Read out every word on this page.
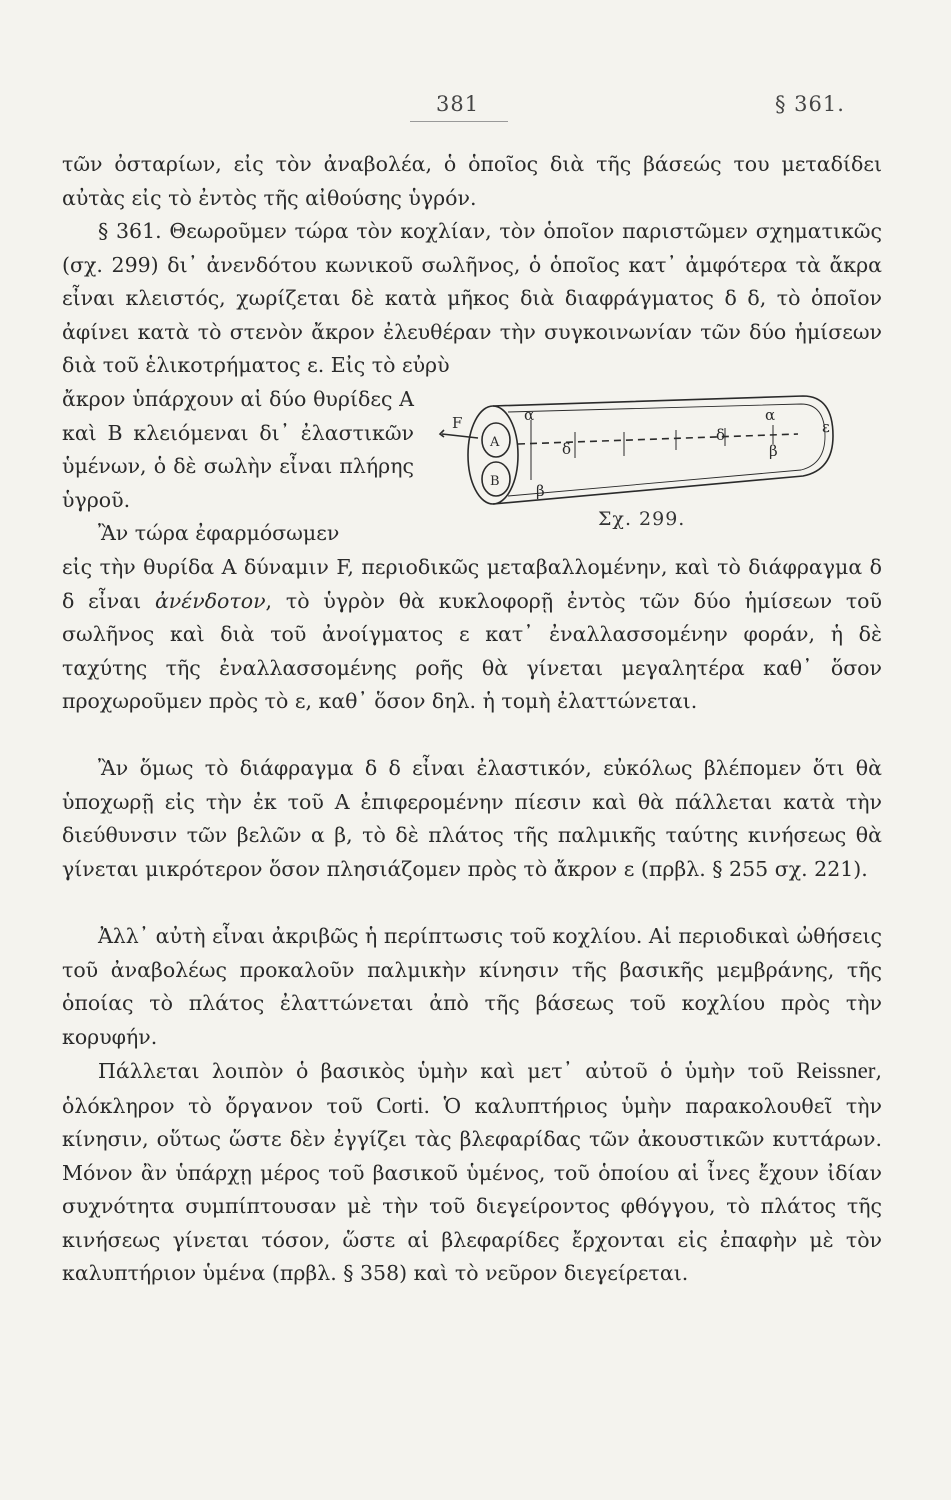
381	§ 361.

τῶν ὀσταρίων, εἰς τὸν ἀναβολέα, ὁ ὁποῖος διὰ τῆς βάσεώς του μεταδίδει αὐτὰς εἰς τὸ ἐντὸς τῆς αἰθούσης ὑγρόν.

§ 361. Θεωροῦμεν τώρα τὸν κοχλίαν, τὸν ὁποῖον παριστῶμεν σχηματικῶς (σχ. 299) δι᾽ ἀνενδότου κωνικοῦ σωλῆνος, ὁ ὁποῖος κατ᾽ ἀμφότερα τὰ ἄκρα εἶναι κλειστός, χωρίζεται δὲ κατὰ μῆκος διὰ διαφράγματος δ δ, τὸ ὁποῖον ἀφίνει κατὰ τὸ στενὸν ἄκρον ἐλευθέραν τὴν συγκοινωνίαν τῶν δύο ἡμίσεων διὰ τοῦ ἑλικοτρήματος ε. Εἰς τὸ εὐρὺ

ἄκρον ὑπάρχουν αἱ δύο θυρίδες Α καὶ Β κλειόμεναι δι᾽ ἐλαστικῶν ὑμένων, ὁ δὲ σωλὴν εἶναι πλήρης ὑγροῦ.

Ἂν τώρα ἐφαρμόσωμεν

εἰς τὴν θυρίδα Α δύναμιν F, περιοδικῶς μεταβαλλομένην, καὶ τὸ διάφραγμα δ δ εἶναι ἀνένδοτον, τὸ ὑγρὸν θὰ κυκλοφορῇ ἐντὸς τῶν δύο ἡμίσεων τοῦ σωλῆνος καὶ διὰ τοῦ ἀνοίγματος ε κατ᾽ ἐναλλασσομένην φοράν, ἡ δὲ ταχύτης τῆς ἐναλλασσομένης ροῆς θὰ γίνεται μεγαλητέρα καθ᾽ ὅσον προχωροῦμεν πρὸς τὸ ε, καθ᾽ ὅσον δηλ. ἡ τομὴ ἐλαττώνεται.

Ἂν ὅμως τὸ διάφραγμα δ δ εἶναι ἐλαστικόν, εὐκόλως βλέπομεν ὅτι θὰ ὑποχωρῇ εἰς τὴν ἐκ τοῦ Α ἐπιφερομένην πίεσιν καὶ θὰ πάλλεται κατὰ τὴν διεύθυνσιν τῶν βελῶν α β, τὸ δὲ πλάτος τῆς παλμικῆς ταύτης κινήσεως θὰ γίνεται μικρότερον ὅσον πλησιάζομεν πρὸς τὸ ἄκρον ε (πρβλ. § 255 σχ. 221).

Ἀλλ᾽ αὐτὴ εἶναι ἀκριβῶς ἡ περίπτωσις τοῦ κοχλίου. Αἱ περιοδικαὶ ὠθήσεις τοῦ ἀναβολέως προκαλοῦν παλμικὴν κίνησιν τῆς βασικῆς μεμβράνης, τῆς ὁποίας τὸ πλάτος ἐλαττώνεται ἀπὸ τῆς βάσεως τοῦ κοχλίου πρὸς τὴν κορυφήν.

Πάλλεται λοιπὸν ὁ βασικὸς ὑμὴν καὶ μετ᾽ αὐτοῦ ὁ ὑμὴν τοῦ Reissner, ὁλόκληρον τὸ ὄργανον τοῦ Corti. Ὁ καλυπτήριος ὑμὴν παρακολουθεῖ τὴν κίνησιν, οὕτως ὥστε δὲν ἐγγίζει τὰς βλεφαρίδας τῶν ἀκουστικῶν κυττάρων. Μόνον ἂν ὑπάρχῃ μέρος τοῦ βασικοῦ ὑμένος, τοῦ ὁποίου αἱ ἶνες ἔχουν ἰδίαν συχνότητα συμπίπτουσαν μὲ τὴν τοῦ διεγείροντος φθόγγου, τὸ πλάτος τῆς κινήσεως γίνεται τόσον, ὥστε αἱ βλεφαρίδες ἔρχονται εἰς ἐπαφὴν μὲ τὸν καλυπτήριον ὑμένα (πρβλ. § 358) καὶ τὸ νεῦρον διεγείρεται.

F
A
B
α
β
δ
δ
α
β
ε
Σχ. 299.
